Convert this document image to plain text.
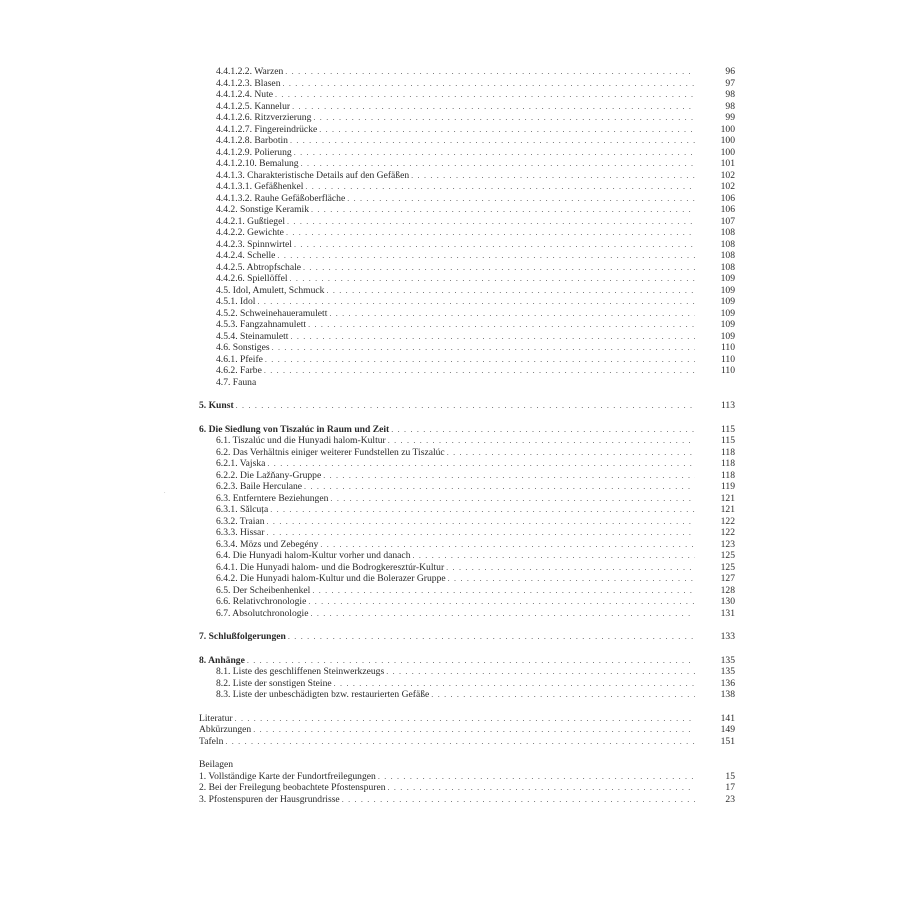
.
4.4.1.2.2. Warzen . . .	96
4.4.1.2.3. Blasen . . .	97
4.4.1.2.4. Nute . . .	98
4.4.1.2.5. Kannelur . . .	98
4.4.1.2.6. Ritzverzierung . . .	99
4.4.1.2.7. Fingereindrücke . . .	100
4.4.1.2.8. Barbotin . . .	100
4.4.1.2.9. Polierung . . .	100
4.4.1.2.10. Bemalung . . .	101
4.4.1.3. Charakteristische Details auf den Gefäßen . . .	102
4.4.1.3.1. Gefäßhenkel . . .	102
4.4.1.3.2. Rauhe Gefäßoberfläche . . .	106
4.4.2. Sonstige Keramik . . .	106
4.4.2.1. Gußtiegel . . .	107
4.4.2.2. Gewichte . . .	108
4.4.2.3. Spinnwirtel . . .	108
4.4.2.4. Schelle . . .	108
4.4.2.5. Abtropfschale . . .	108
4.4.2.6. Spiellöffel . . .	109
4.5. Idol, Amulett, Schmuck . . .	109
4.5.1. Idol . . .	109
4.5.2. Schweinehaueramulett . . .	109
4.5.3. Fangzahnamulett . . .	109
4.5.4. Steinamulett . . .	109
4.6. Sonstiges . . .	110
4.6.1. Pfeife . . .	110
4.6.2. Farbe . . .	110
4.7. Fauna
5. Kunst . . .	113
6. Die Siedlung von Tiszalúc in Raum und Zeit . . .	115
6.1. Tiszalúc und die Hunyadi halom-Kultur . . .	115
6.2. Das Verhältnis einiger weiterer Fundstellen zu Tiszalúc . . .	118
6.2.1. Vajska . . .	118
6.2.2. Die Lažňany-Gruppe . . .	118
6.2.3. Baile Herculane . . .	119
6.3. Entferntere Beziehungen . . .	121
6.3.1. Sălcuța . . .	121
6.3.2. Traian . . .	122
6.3.3. Hissar . . .	122
6.3.4. Mözs und Zebegény . . .	123
6.4. Die Hunyadi halom-Kultur vorher und danach . . .	125
6.4.1. Die Hunyadi halom- und die Bodrogkeresztúr-Kultur . . .	125
6.4.2. Die Hunyadi halom-Kultur und die Bolerazer Gruppe . . .	127
6.5. Der Scheibenhenkel . . .	128
6.6. Relativchronologie . . .	130
6.7. Absolutchronologie . . .	131
7. Schlußfolgerungen . . .	133
8. Anhänge . . .	135
8.1. Liste des geschliffenen Steinwerkzeugs . . .	135
8.2. Liste der sonstigen Steine . . .	136
8.3. Liste der unbeschädigten bzw. restaurierten Gefäße . . .	138
Literatur . . .	141
Abkürzungen . . .	149
Tafeln . . .	151
Beilagen
1. Vollständige Karte der Fundortfreilegungen . . .	15
2. Bei der Freilegung beobachtete Pfostenspuren . . .	17
3. Pfostenspuren der Hausgrundrisse . . .	23
